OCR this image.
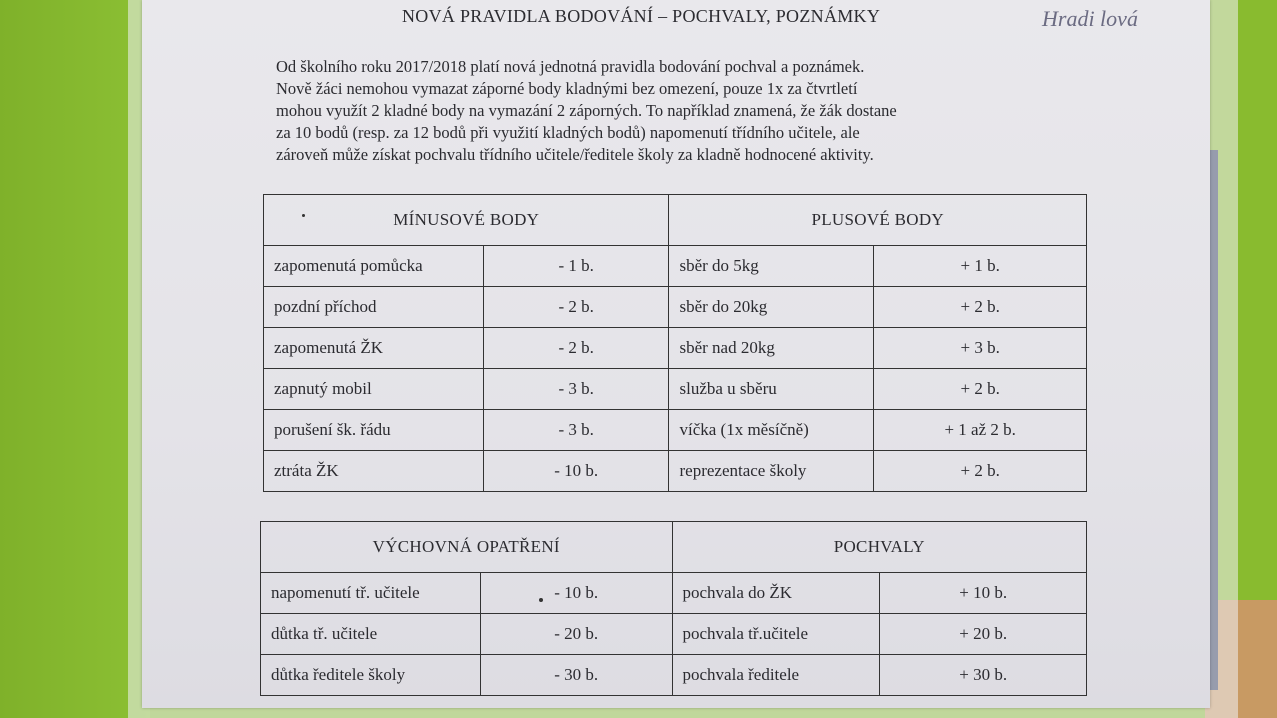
NOVÁ PRAVIDLA BODOVÁNÍ – POCHVALY, POZNÁMKY	Hradi lová
Od školního roku 2017/2018 platí nová jednotná pravidla bodování pochval a poznámek.
Nově žáci nemohou vymazat záporné body kladnými bez omezení, pouze 1x za čtvrtletí
mohou využít 2 kladné body na vymazání 2 záporných. To například znamená, že žák dostane
za 10 bodů (resp. za 12 bodů při využití kladných bodů) napomenutí třídního učitele, ale
zároveň může získat pochvalu třídního učitele/ředitele školy za kladně hodnocené aktivity.
MÍNUSOVÉ BODY		PLUSOVÉ BODY	
zapomenutá pomůcka	- 1 b.	sběr do 5kg	+ 1 b.
pozdní příchod	- 2 b.	sběr do 20kg	+ 2 b.
zapomenutá ŽK	- 2 b.	sběr nad 20kg	+ 3 b.
zapnutý mobil	- 3 b.	služba u sběru	+ 2 b.
porušení šk. řádu	- 3 b.	víčka (1x měsíčně)	+ 1 až 2 b.
ztráta ŽK	- 10 b.	reprezentace školy	+ 2 b.
VÝCHOVNÁ OPATŘENÍ		POCHVALY	
napomenutí tř. učitele	- 10 b.	pochvala do ŽK	+ 10 b.
důtka tř. učitele	- 20 b.	pochvala tř.učitele	+ 20 b.
důtka ředitele školy	- 30 b.	pochvala ředitele	+ 30 b.
